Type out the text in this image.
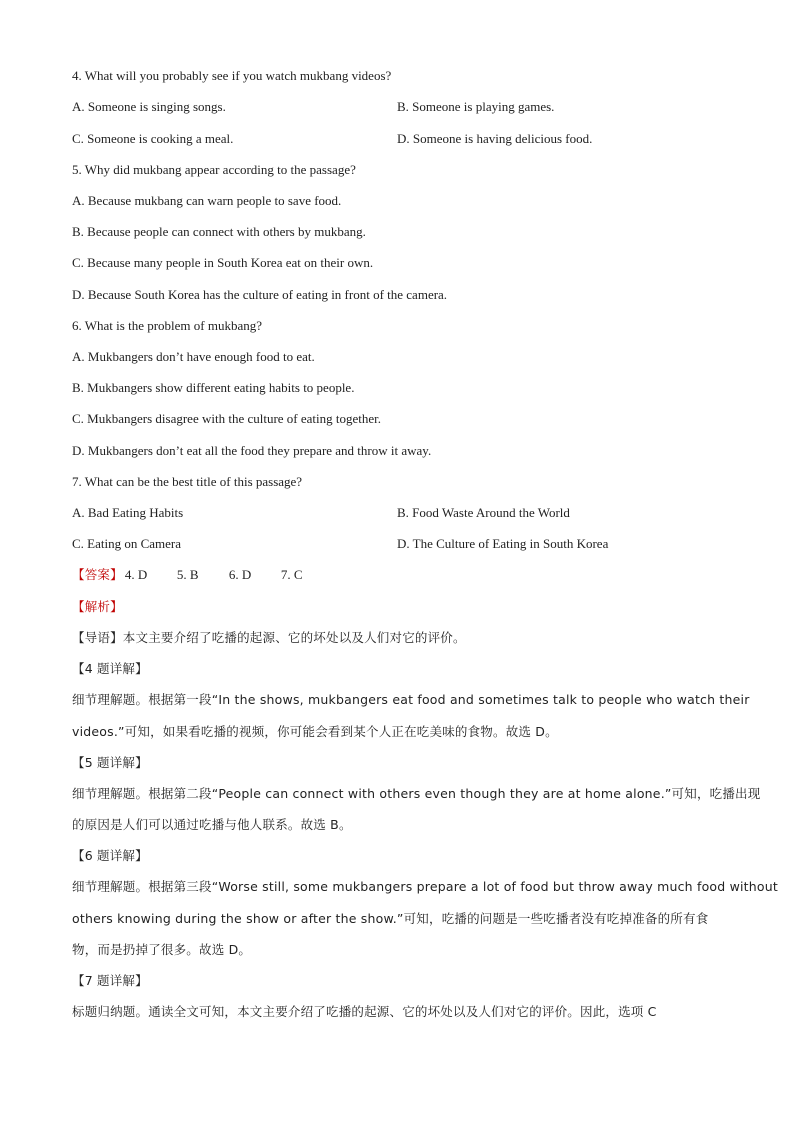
4. What will you probably see if you watch mukbang videos?
A. Someone is singing songs.	B. Someone is playing games.
C. Someone is cooking a meal.	D. Someone is having delicious food.
5. Why did mukbang appear according to the passage?
A. Because mukbang can warn people to save food.
B. Because people can connect with others by mukbang.
C. Because many people in South Korea eat on their own.
D. Because South Korea has the culture of eating in front of the camera.
6. What is the problem of mukbang?
A. Mukbangers don’t have enough food to eat.
B. Mukbangers show different eating habits to people.
C. Mukbangers disagree with the culture of eating together.
D. Mukbangers don’t eat all the food they prepare and throw it away.
7. What can be the best title of this passage?
A. Bad Eating Habits	B. Food Waste Around the World
C. Eating on Camera	D. The Culture of Eating in South Korea
【答案】 4. D 5. B 6. D 7. C
【解析】
【导语】本文主要介绍了吃播的起源、它的坏处以及人们对它的评价。
【4 题详解】
细节理解题。根据第一段“In the shows, mukbangers eat food and sometimes talk to people who watch their
videos.”可知，如果看吃播的视频，你可能会看到某个人正在吃美味的食物。故选 D。
【5 题详解】
细节理解题。根据第二段“People can connect with others even though they are at home alone.”可知，吃播出现
的原因是人们可以通过吃播与他人联系。故选 B。
【6 题详解】
细节理解题。根据第三段“Worse still, some mukbangers prepare a lot of food but throw away much food without
others knowing during the show or after the show.”可知，吃播的问题是一些吃播者没有吃掉准备的所有食
物，而是扔掉了很多。故选 D。
【7 题详解】
标题归纳题。通读全文可知，本文主要介绍了吃播的起源、它的坏处以及人们对它的评价。因此，选项 C
